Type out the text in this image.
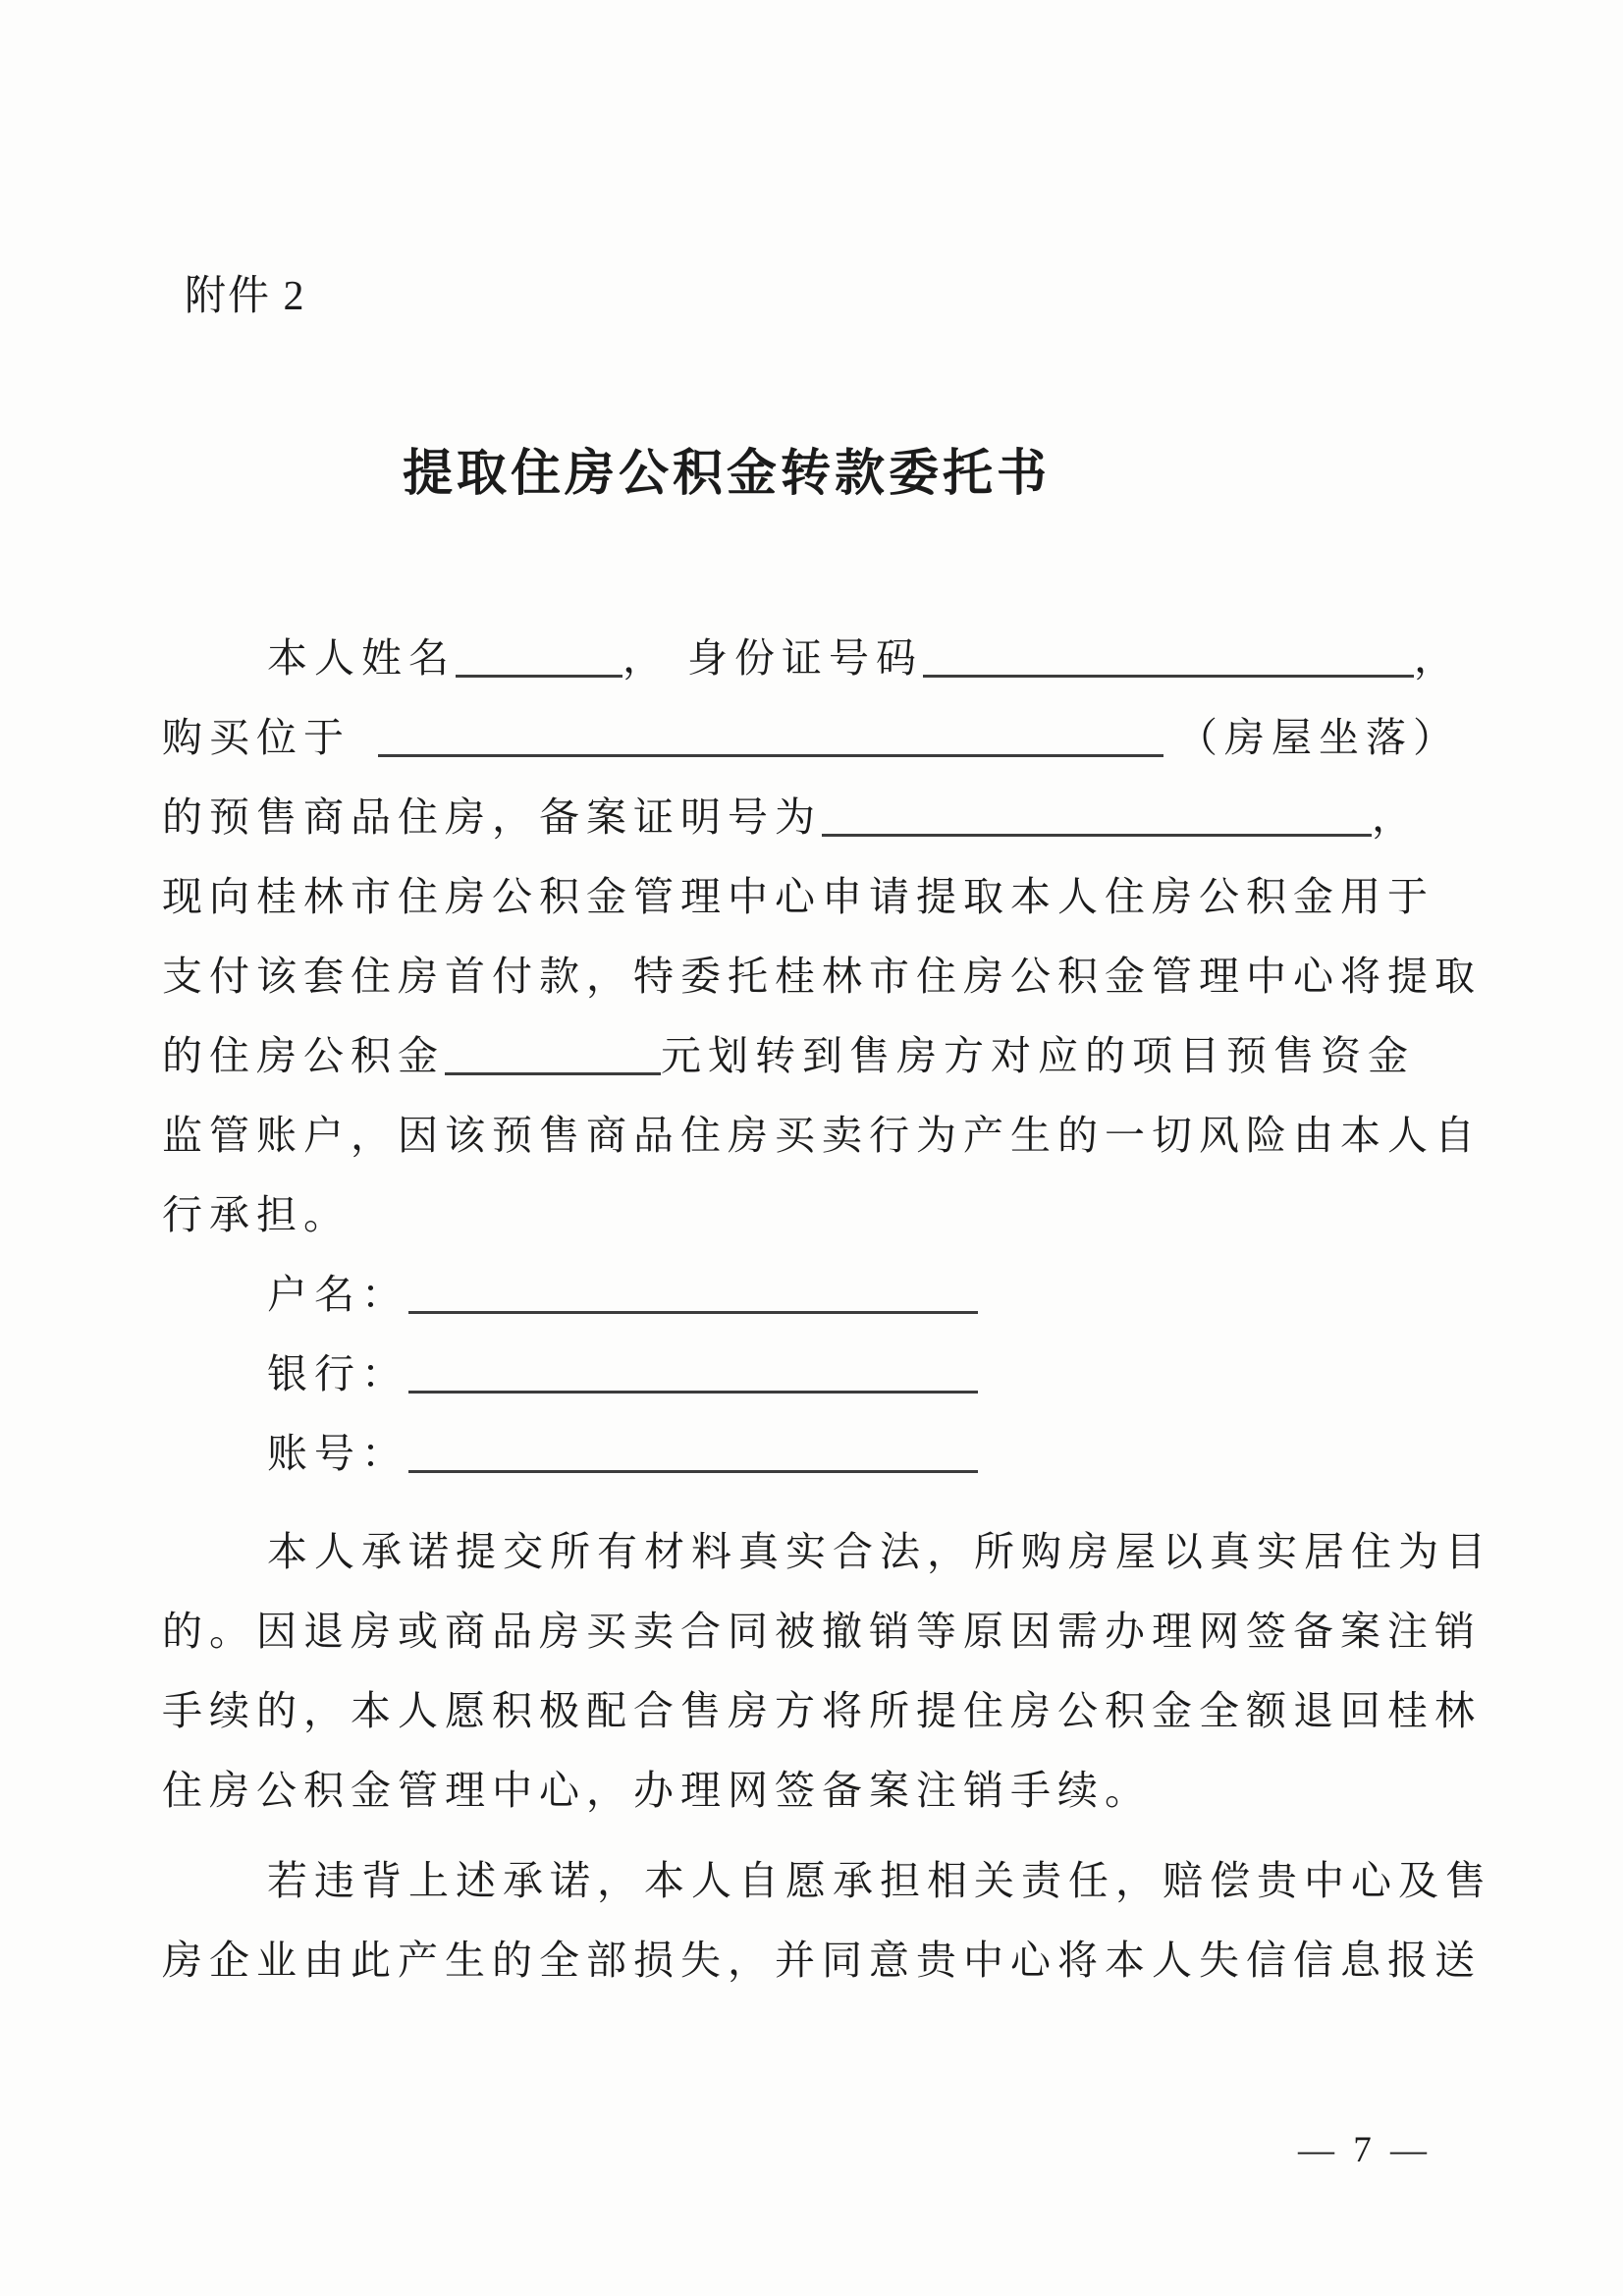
附件 2
提取住房公积金转款委托书
本人姓名	， 身份证号码	，
购买位于	（房屋坐落）
的预售商品住房，备案证明号为	，
现向桂林市住房公积金管理中心申请提取本人住房公积金用于
支付该套住房首付款，特委托桂林市住房公积金管理中心将提取
的住房公积金	元划转到售房方对应的项目预售资金
监管账户，因该预售商品住房买卖行为产生的一切风险由本人自
行承担。
户名：
银行：
账号：
本人承诺提交所有材料真实合法，所购房屋以真实居住为目
的。因退房或商品房买卖合同被撤销等原因需办理网签备案注销
手续的，本人愿积极配合售房方将所提住房公积金全额退回桂林
住房公积金管理中心，办理网签备案注销手续。
若违背上述承诺，本人自愿承担相关责任，赔偿贵中心及售
房企业由此产生的全部损失，并同意贵中心将本人失信信息报送
— 7 —
